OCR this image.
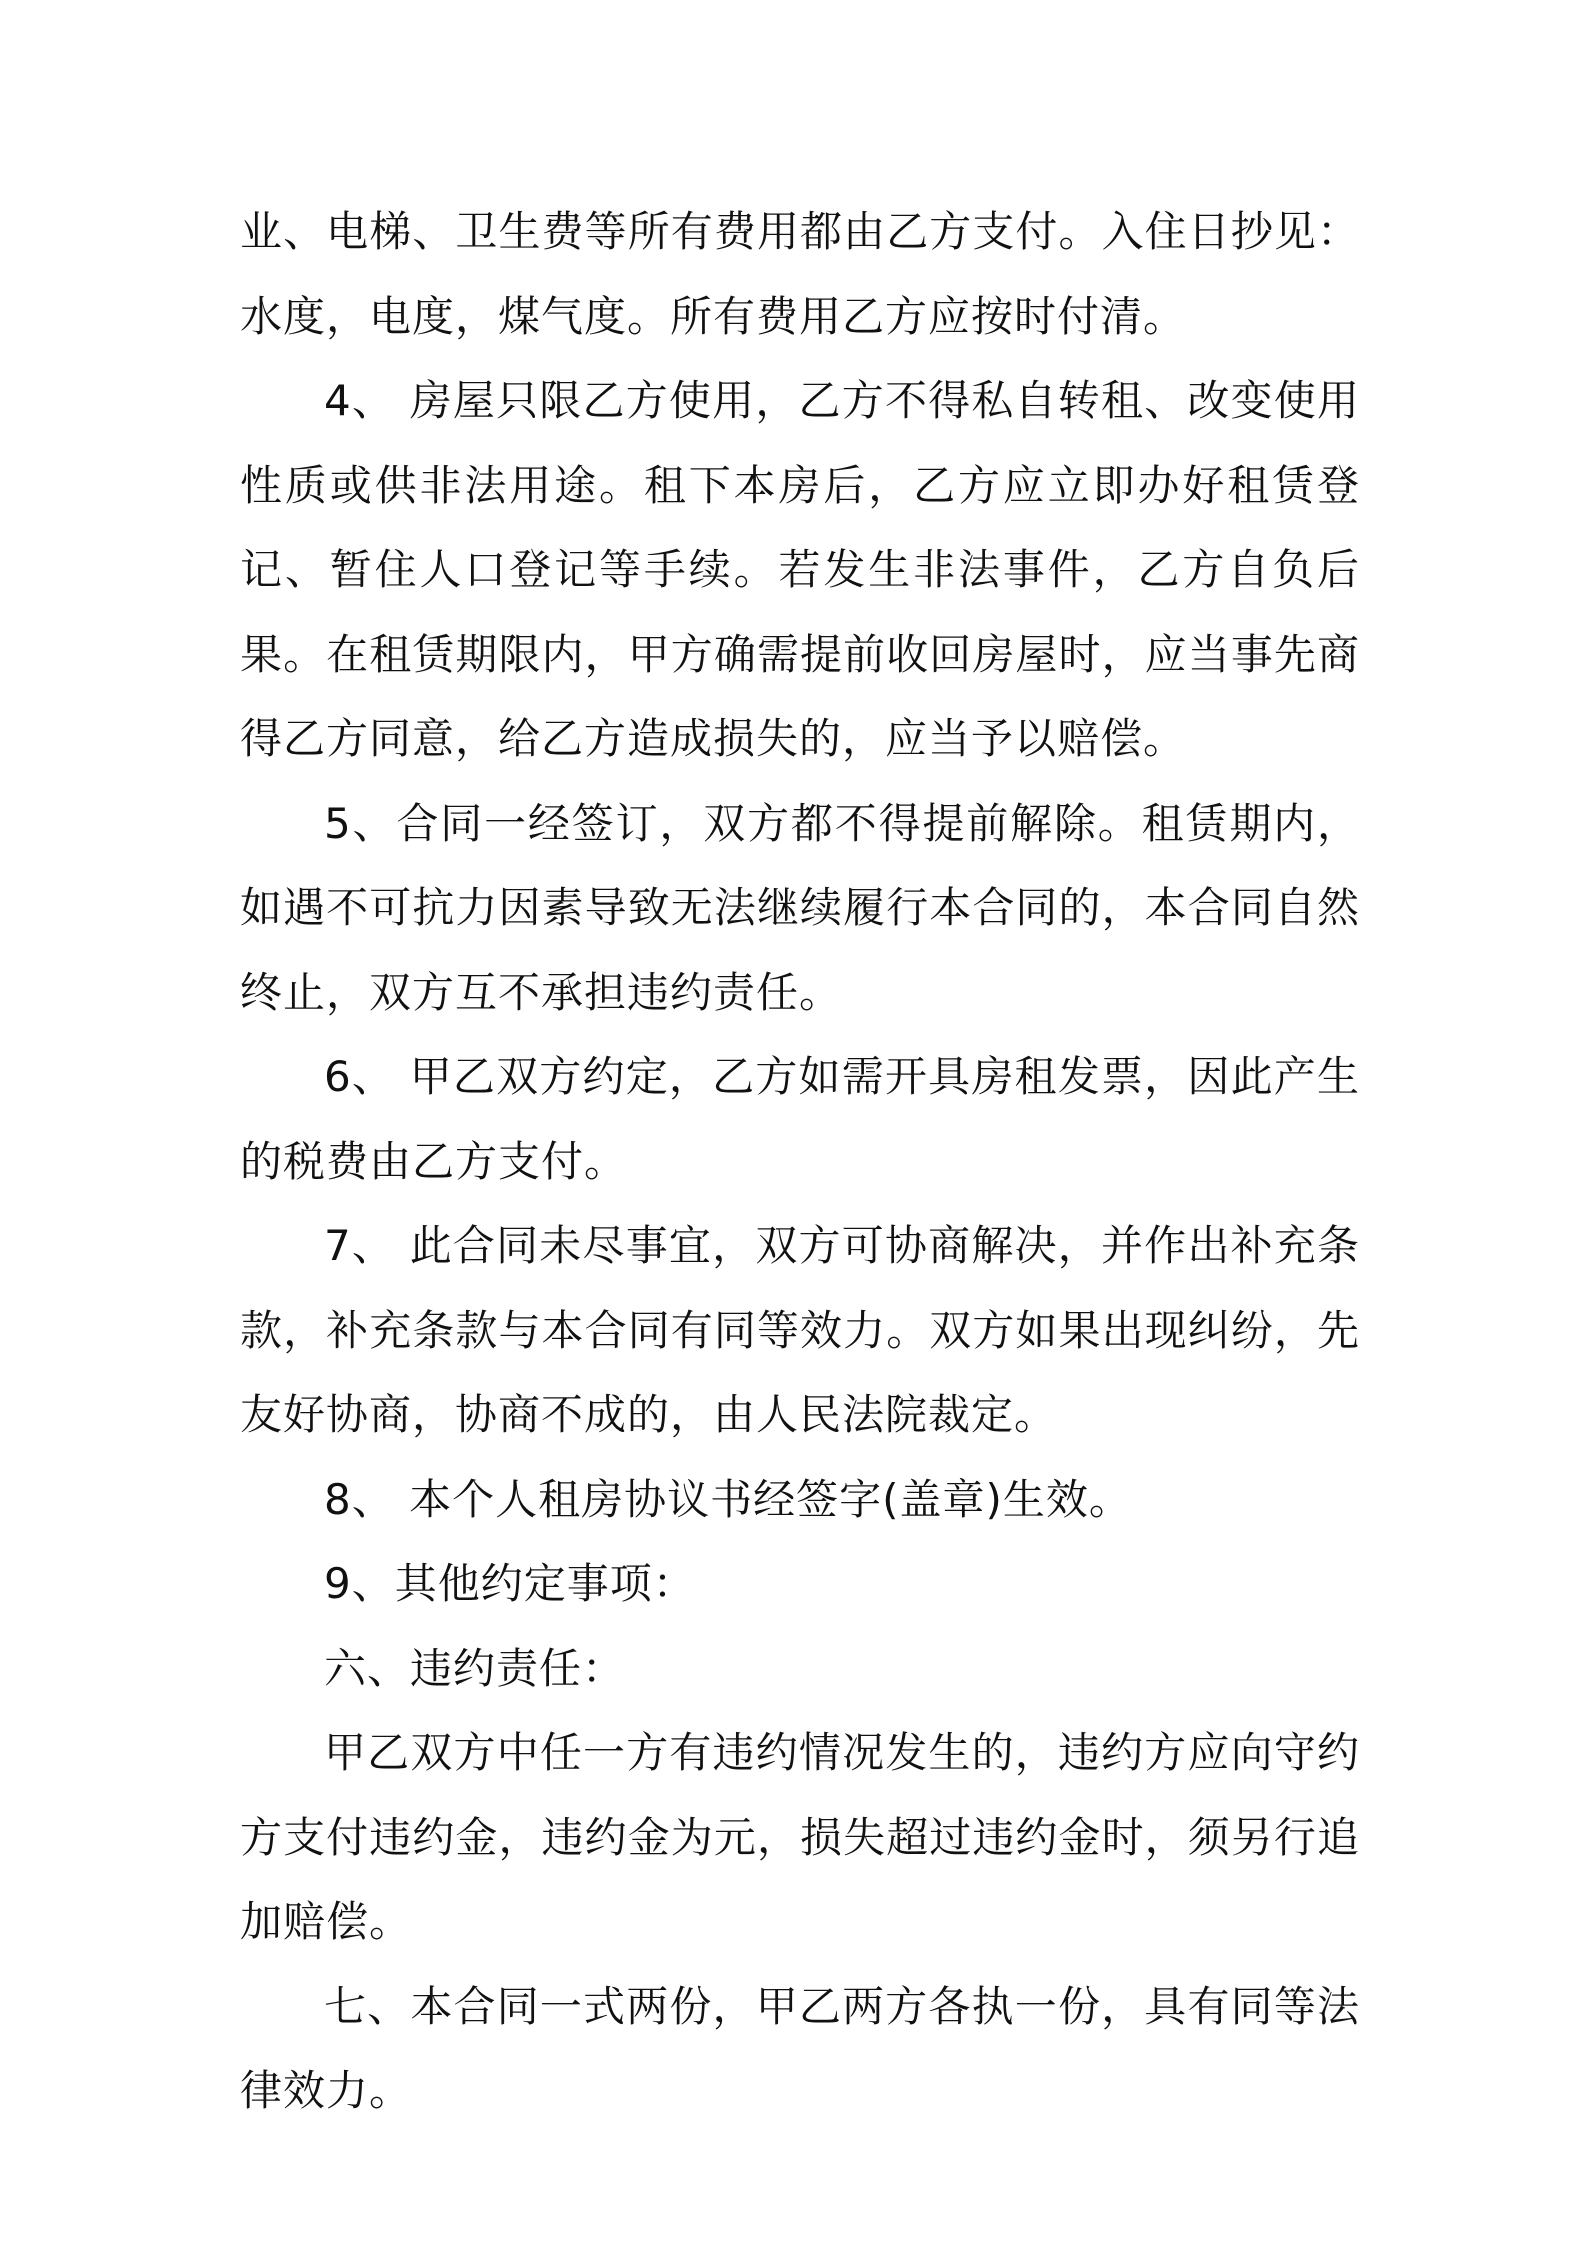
业、电梯、卫生费等所有费用都由乙方支付。入住日抄见：水度，电度，煤气度。所有费用乙方应按时付清。

4、 房屋只限乙方使用，乙方不得私自转租、改变使用性质或供非法用途。租下本房后，乙方应立即办好租赁登记、暂住人口登记等手续。若发生非法事件，乙方自负后果。在租赁期限内，甲方确需提前收回房屋时，应当事先商得乙方同意，给乙方造成损失的，应当予以赔偿。

5、合同一经签订，双方都不得提前解除。租赁期内，如遇不可抗力因素导致无法继续履行本合同的，本合同自然终止，双方互不承担违约责任。

6、 甲乙双方约定，乙方如需开具房租发票，因此产生的税费由乙方支付。

7、 此合同未尽事宜，双方可协商解决，并作出补充条款，补充条款与本合同有同等效力。双方如果出现纠纷，先友好协商，协商不成的，由人民法院裁定。

8、 本个人租房协议书经签字(盖章)生效。

9、其他约定事项：

六、违约责任：

甲乙双方中任一方有违约情况发生的，违约方应向守约方支付违约金，违约金为元，损失超过违约金时，须另行追加赔偿。

七、本合同一式两份，甲乙两方各执一份，具有同等法律效力。
